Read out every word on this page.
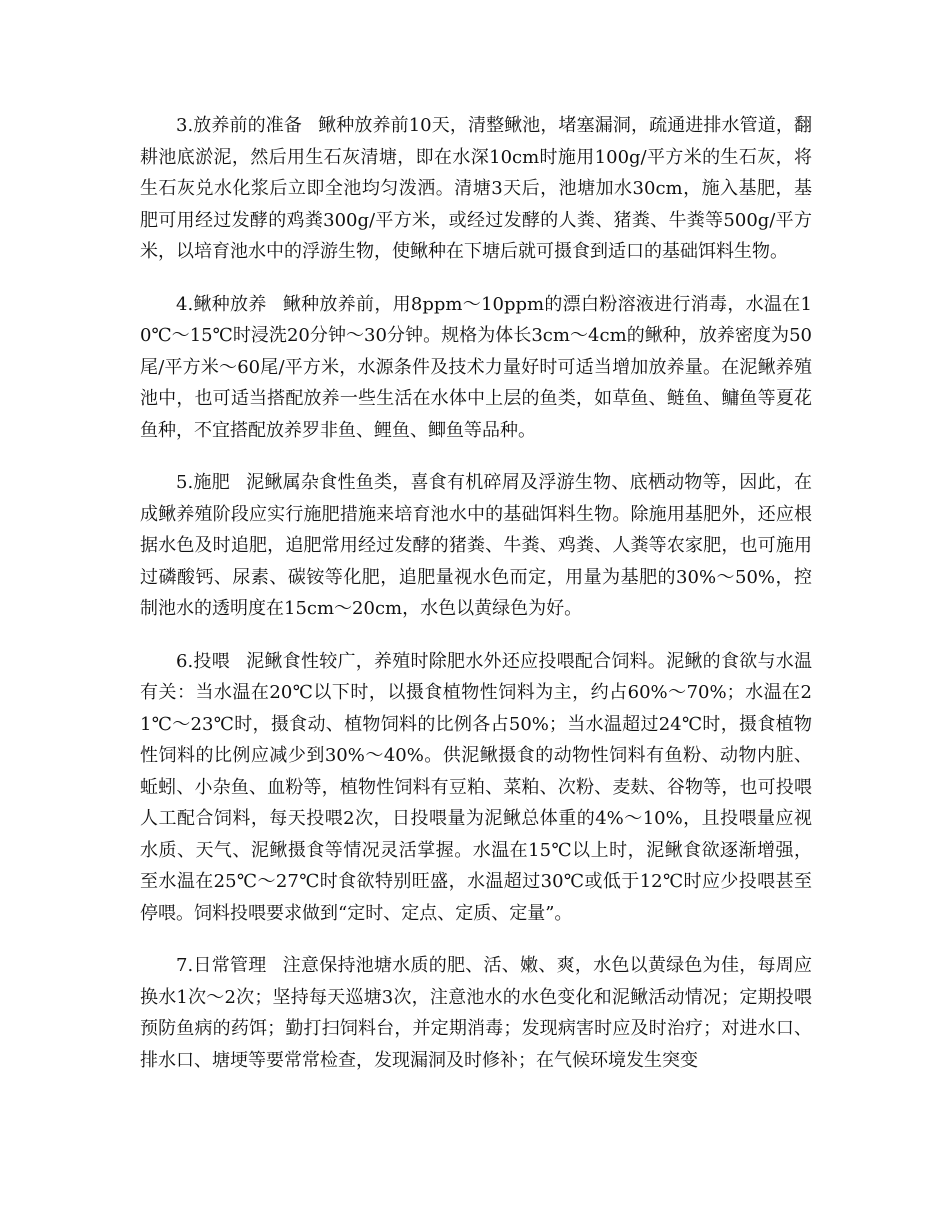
3.放养前的准备 鳅种放养前10天，清整鳅池，堵塞漏洞，疏通进排水管道，翻耕池底淤泥，然后用生石灰清塘，即在水深10cm时施用100g/平方米的生石灰，将生石灰兑水化浆后立即全池均匀泼洒。清塘3天后，池塘加水30cm，施入基肥，基肥可用经过发酵的鸡粪300g/平方米，或经过发酵的人粪、猪粪、牛粪等500g/平方米，以培育池水中的浮游生物，使鳅种在下塘后就可摄食到适口的基础饵料生物。

4.鳅种放养 鳅种放养前，用8ppm～10ppm的漂白粉溶液进行消毒，水温在10℃～15℃时浸洗20分钟～30分钟。规格为体长3cm～4cm的鳅种，放养密度为50尾/平方米～60尾/平方米，水源条件及技术力量好时可适当增加放养量。在泥鳅养殖池中，也可适当搭配放养一些生活在水体中上层的鱼类，如草鱼、鲢鱼、鳙鱼等夏花鱼种，不宜搭配放养罗非鱼、鲤鱼、鲫鱼等品种。

5.施肥 泥鳅属杂食性鱼类，喜食有机碎屑及浮游生物、底栖动物等，因此，在成鳅养殖阶段应实行施肥措施来培育池水中的基础饵料生物。除施用基肥外，还应根据水色及时追肥，追肥常用经过发酵的猪粪、牛粪、鸡粪、人粪等农家肥，也可施用过磷酸钙、尿素、碳铵等化肥，追肥量视水色而定，用量为基肥的30%～50%，控制池水的透明度在15cm～20cm，水色以黄绿色为好。

6.投喂 泥鳅食性较广，养殖时除肥水外还应投喂配合饲料。泥鳅的食欲与水温有关：当水温在20℃以下时，以摄食植物性饲料为主，约占60%～70%；水温在21℃～23℃时，摄食动、植物饲料的比例各占50%；当水温超过24℃时，摄食植物性饲料的比例应减少到30%～40%。供泥鳅摄食的动物性饲料有鱼粉、动物内脏、蚯蚓、小杂鱼、血粉等，植物性饲料有豆粕、菜粕、次粉、麦麸、谷物等，也可投喂人工配合饲料，每天投喂2次，日投喂量为泥鳅总体重的4%～10%，且投喂量应视水质、天气、泥鳅摄食等情况灵活掌握。水温在15℃以上时，泥鳅食欲逐渐增强，至水温在25℃～27℃时食欲特别旺盛，水温超过30℃或低于12℃时应少投喂甚至停喂。饲料投喂要求做到“定时、定点、定质、定量”。

7.日常管理 注意保持池塘水质的肥、活、嫩、爽，水色以黄绿色为佳，每周应换水1次～2次；坚持每天巡塘3次，注意池水的水色变化和泥鳅活动情况；定期投喂预防鱼病的药饵；勤打扫饲料台，并定期消毒；发现病害时应及时治疗；对进水口、排水口、塘埂等要常常检查，发现漏洞及时修补；在气候环境发生突变
